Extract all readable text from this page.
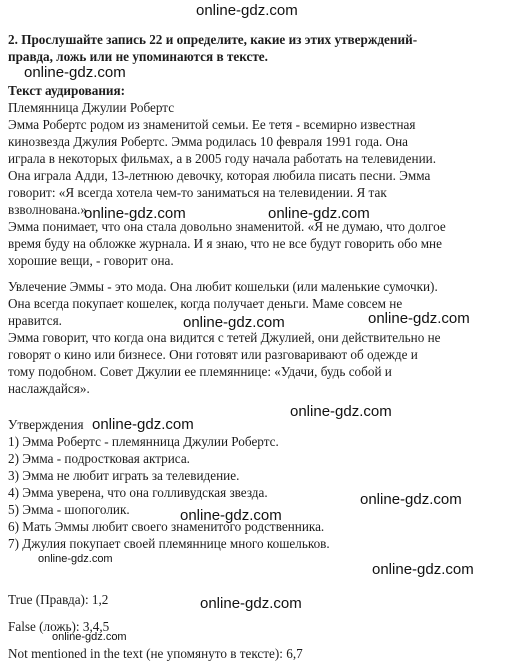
2. Прослушайте запись 22 и определите, какие из этих утверждений-
правда, ложь или не упоминаются в тексте.
Текст аудирования:
Племянница Джулии Робертс
Эмма Робертс родом из знаменитой семьи. Ее тетя - всемирно известная
кинозвезда Джулия Робертс. Эмма родилась 10 февраля 1991 года. Она
играла в некоторых фильмах, а в 2005 году начала работать на телевидении.
Она играла Адди, 13-летнюю девочку, которая любила писать песни. Эмма
говорит: «Я всегда хотела чем-то заниматься на телевидении. Я так
взволнована.»
Эмма понимает, что она стала довольно знаменитой. «Я не думаю, что долгое
время буду на обложке журнала. И я знаю, что не все будут говорить обо мне
хорошие вещи, - говорит она.
Увлечение Эммы - это мода. Она любит кошельки (или маленькие сумочки).
Она всегда покупает кошелек, когда получает деньги. Маме совсем не
нравится.
Эмма говорит, что когда она видится с тетей Джулией, они действительно не
говорят о кино или бизнесе. Они готовят или разговаривают об одежде и
тому подобном. Совет Джулии ее племяннице: «Удачи, будь собой и
наслаждайся».
Утверждения
1) Эмма Робертс - племянница Джулии Робертс.
2) Эмма - подростковая актриса.
3) Эмма не любит играть за телевидение.
4) Эмма уверена, что она голливудская звезда.
5) Эмма - шопоголик.
6) Мать Эммы любит своего знаменитого родственника.
7) Джулия покупает своей племяннице много кошельков.
True (Правда): 1,2
False (ложь): 3,4,5
Not mentioned in the text (не упомянуто в тексте): 6,7
online-gdz.com
online-gdz.com
online-gdz.com	online-gdz.com
online-gdz.com	online-gdz.com
online-gdz.com
online-gdz.com
online-gdz.com
online-gdz.com
online-gdz.com
online-gdz.com
online-gdz.com
online-gdz.com
